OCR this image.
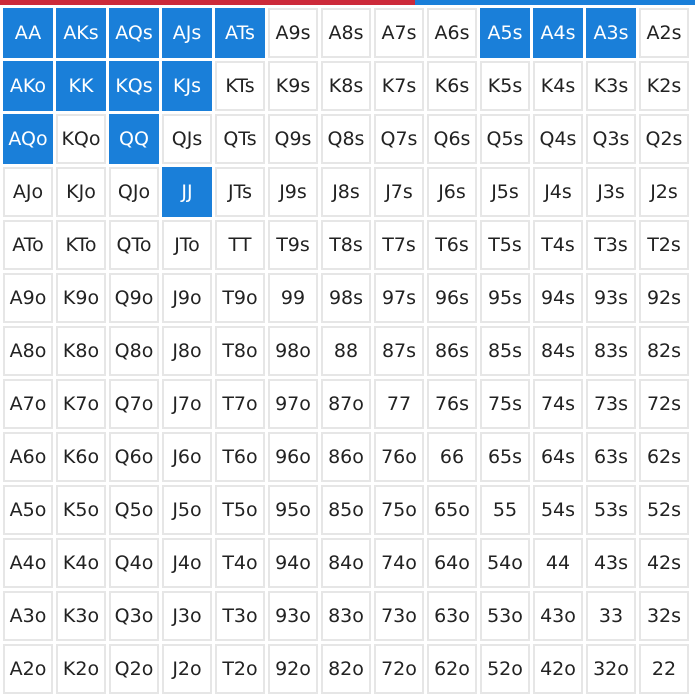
AA	AKs AQs	AJs	ATs	A9s A8s A7s A6s A5s A4s A3s A2s
AKo	KK	KQs	KJs	KTs	K9s K8s K7s K6s K5s K4s K3s K2s
AQo KQo QQ	QJs	QTs Q9s Q8s Q7s Q6s Q5s Q4s Q3s Q2s
AJo	KJo	QJo	JJ	JTs	J9s	J8s	J7s	J6s	J5s	J4s	J3s	J2s
ATo	KTo	QTo	JTo	TT	T9s	T8s	T7s	T6s	T5s	T4s	T3s	T2s
A9o K9o Q9o	J9o	T9o	99	98s 97s 96s 95s 94s 93s 92s
A8o K8o Q8o	J8o	T8o 98o	88	87s 86s 85s 84s 83s 82s
A7o K7o Q7o	J7o	T7o 97o 87o	77	76s 75s 74s 73s 72s
A6o K6o Q6o	J6o	T6o 96o 86o 76o	66	65s 64s 63s 62s
A5o K5o Q5o	J5o	T5o 95o 85o 75o 65o	55	54s 53s 52s
A4o K4o Q4o	J4o	T4o 94o 84o 74o 64o 54o	44	43s 42s
A3o K3o Q3o	J3o	T3o 93o 83o 73o 63o 53o 43o	33	32s
A2o K2o Q2o	J2o	T2o 92o 82o 72o 62o 52o 42o 32o	22
